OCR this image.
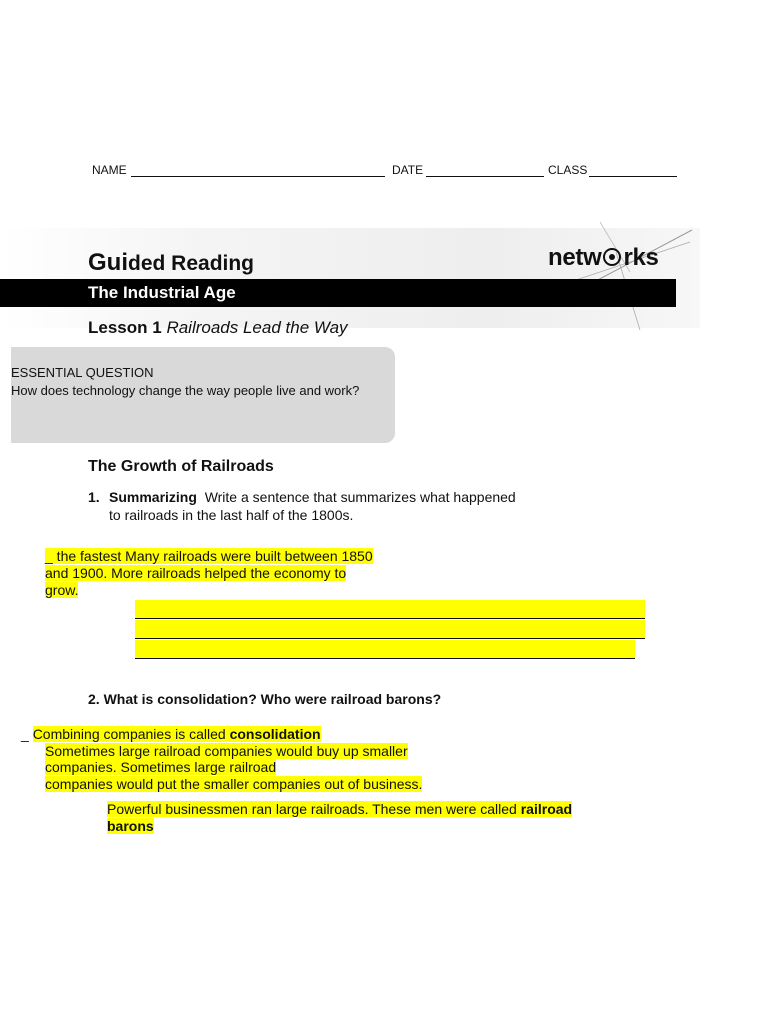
NAME	DATE	CLASS
Guided Reading
The Industrial Age
netw rks
Lesson 1 Railroads Lead the Way
ESSENTIAL QUESTION
How does technology change the way people live and work?
The Growth of Railroads
1. Summarizing Write a sentence that summarizes what happened
to railroads in the last half of the 1800s.
_ the fastest Many railroads were built between 1850
and 1900. More railroads helped the economy to
grow.
2. What is consolidation? Who were railroad barons?
_ Combining companies is called consolidation
Sometimes large railroad companies would buy up smaller
companies. Sometimes large railroad
companies would put the smaller companies out of business.
Powerful businessmen ran large railroads. These men were called railroad
barons
